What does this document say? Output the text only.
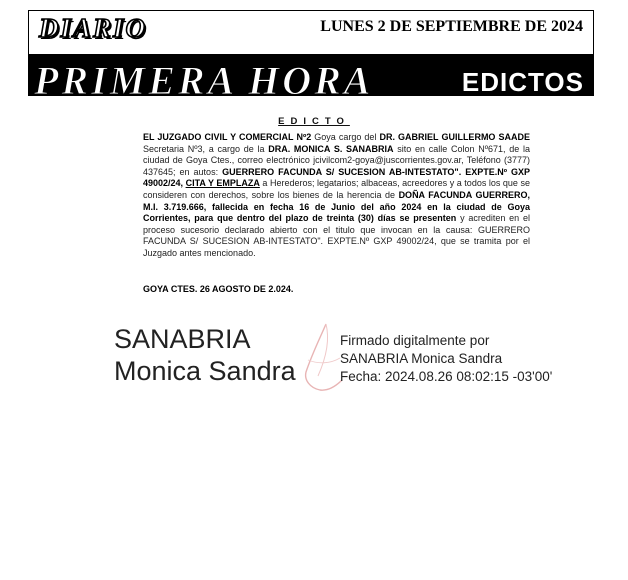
DIARIO	LUNES 2 DE SEPTIEMBRE DE 2024
PRIMERA HORA	EDICTOS
EDICTO
EL JUZGADO CIVIL Y COMERCIAL Nº2 Goya cargo del DR. GABRIEL GUILLERMO SAADE Secretaria Nº3, a cargo de la DRA. MONICA S. SANABRIA sito en calle Colon Nº671, de la ciudad de Goya Ctes., correo electrónico jcivilcom2-goya@juscorrientes.gov.ar, Teléfono (3777) 437645; en autos: GUERRERO FACUNDA S/ SUCESION AB-INTESTATO". EXPTE.Nº GXP 49002/24, CITA Y EMPLAZA a Herederos; legatarios; albaceas, acreedores y a todos los que se consideren con derechos, sobre los bienes de la herencia de DOÑA FACUNDA GUERRERO, M.I. 3.719.666, fallecida en fecha 16 de Junio del año 2024 en la ciudad de Goya Corrientes, para que dentro del plazo de treinta (30) días se presenten y acrediten en el proceso sucesorio declarado abierto con el titulo que invocan en la causa: GUERRERO FACUNDA S/ SUCESION AB-INTESTATO". EXPTE.Nº GXP 49002/24, que se tramita por el Juzgado antes mencionado.
GOYA CTES. 26 AGOSTO DE 2.024.
SANABRIA
Monica Sandra
Firmado digitalmente por
SANABRIA Monica Sandra
Fecha: 2024.08.26 08:02:15 -03'00'
